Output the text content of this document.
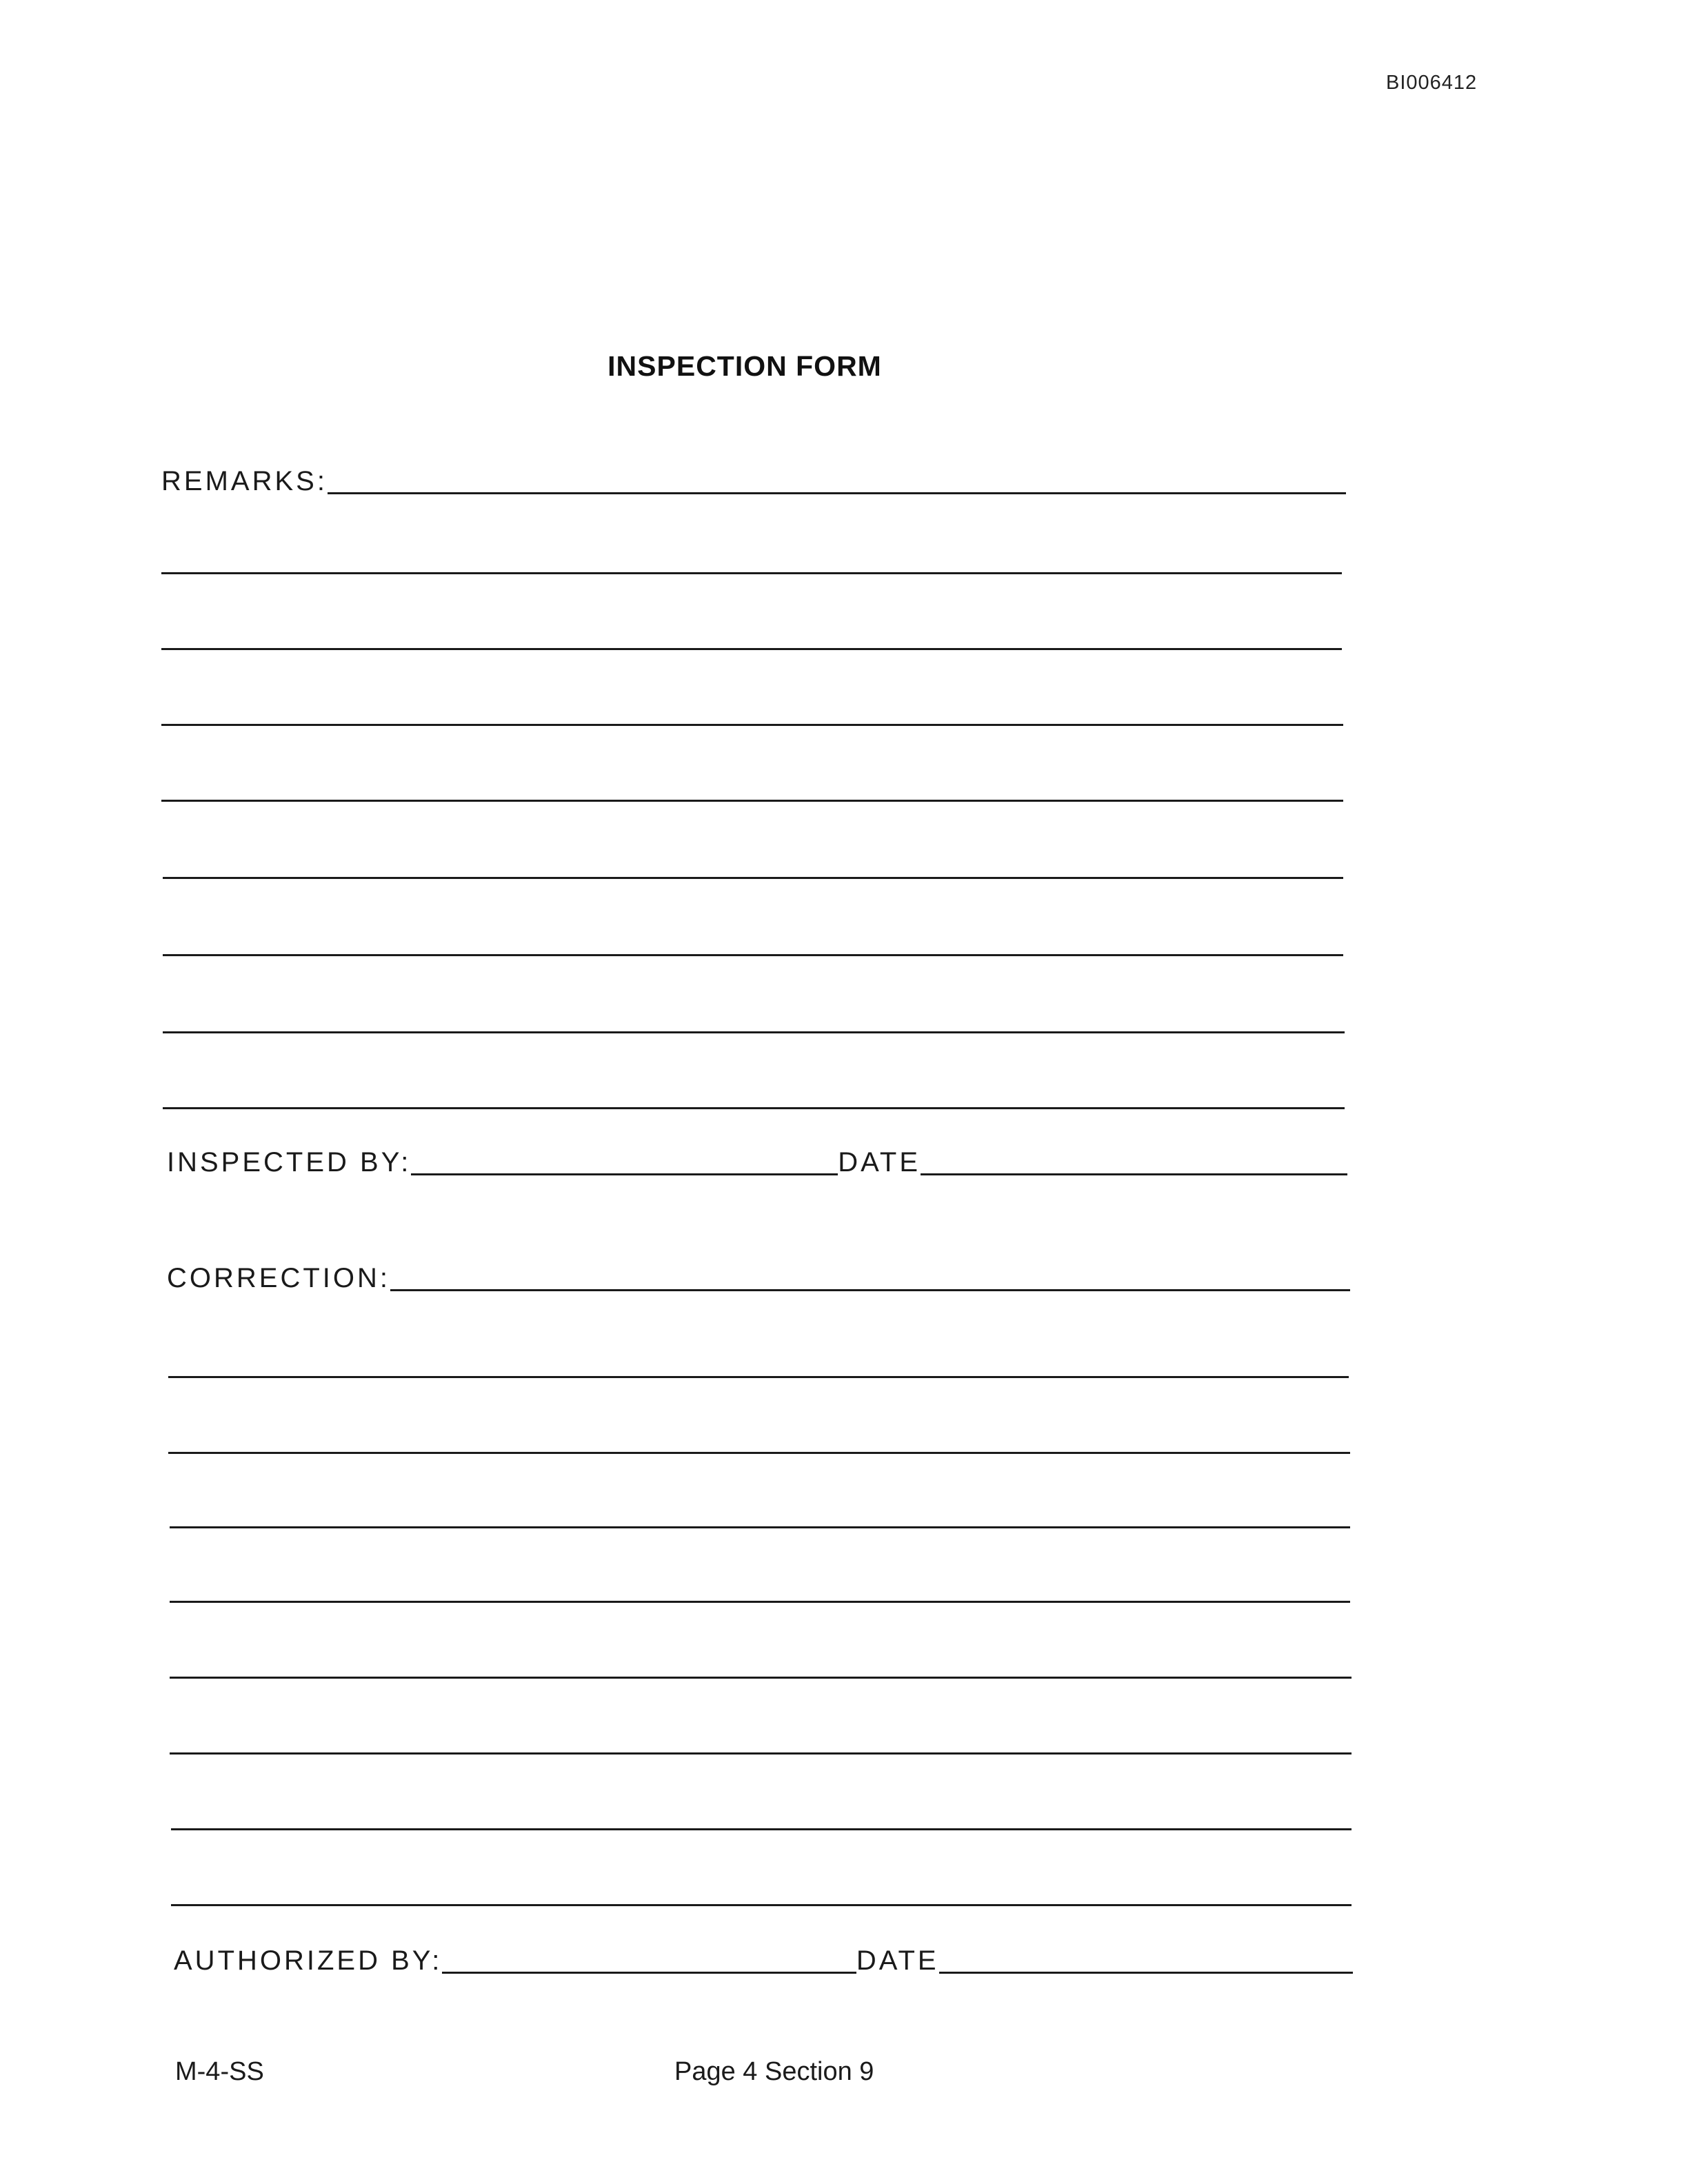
BI006412
INSPECTION FORM
REMARKS:
INSPECTED BY:	DATE
CORRECTION:
AUTHORIZED BY:	DATE
M-4-SS	Page 4 Section 9
